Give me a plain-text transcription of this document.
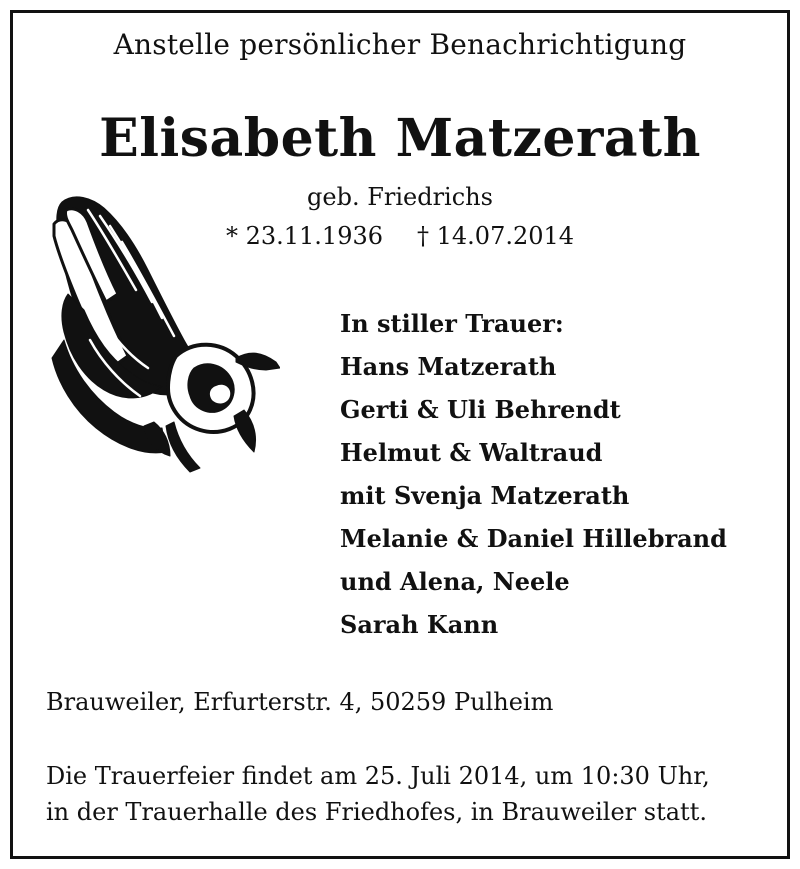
Anstelle persönlicher Benachrichtigung
Elisabeth Matzerath
geb. Friedrichs
* 23.11.1936 † 14.07.2014
In stiller Trauer:
Hans Matzerath
Gerti & Uli Behrendt
Helmut & Waltraud
mit Svenja Matzerath
Melanie & Daniel Hillebrand
und Alena, Neele
Sarah Kann
Brauweiler, Erfurterstr. 4, 50259 Pulheim
Die Trauerfeier findet am 25. Juli 2014, um 10:30 Uhr,
in der Trauerhalle des Friedhofes, in Brauweiler statt.
